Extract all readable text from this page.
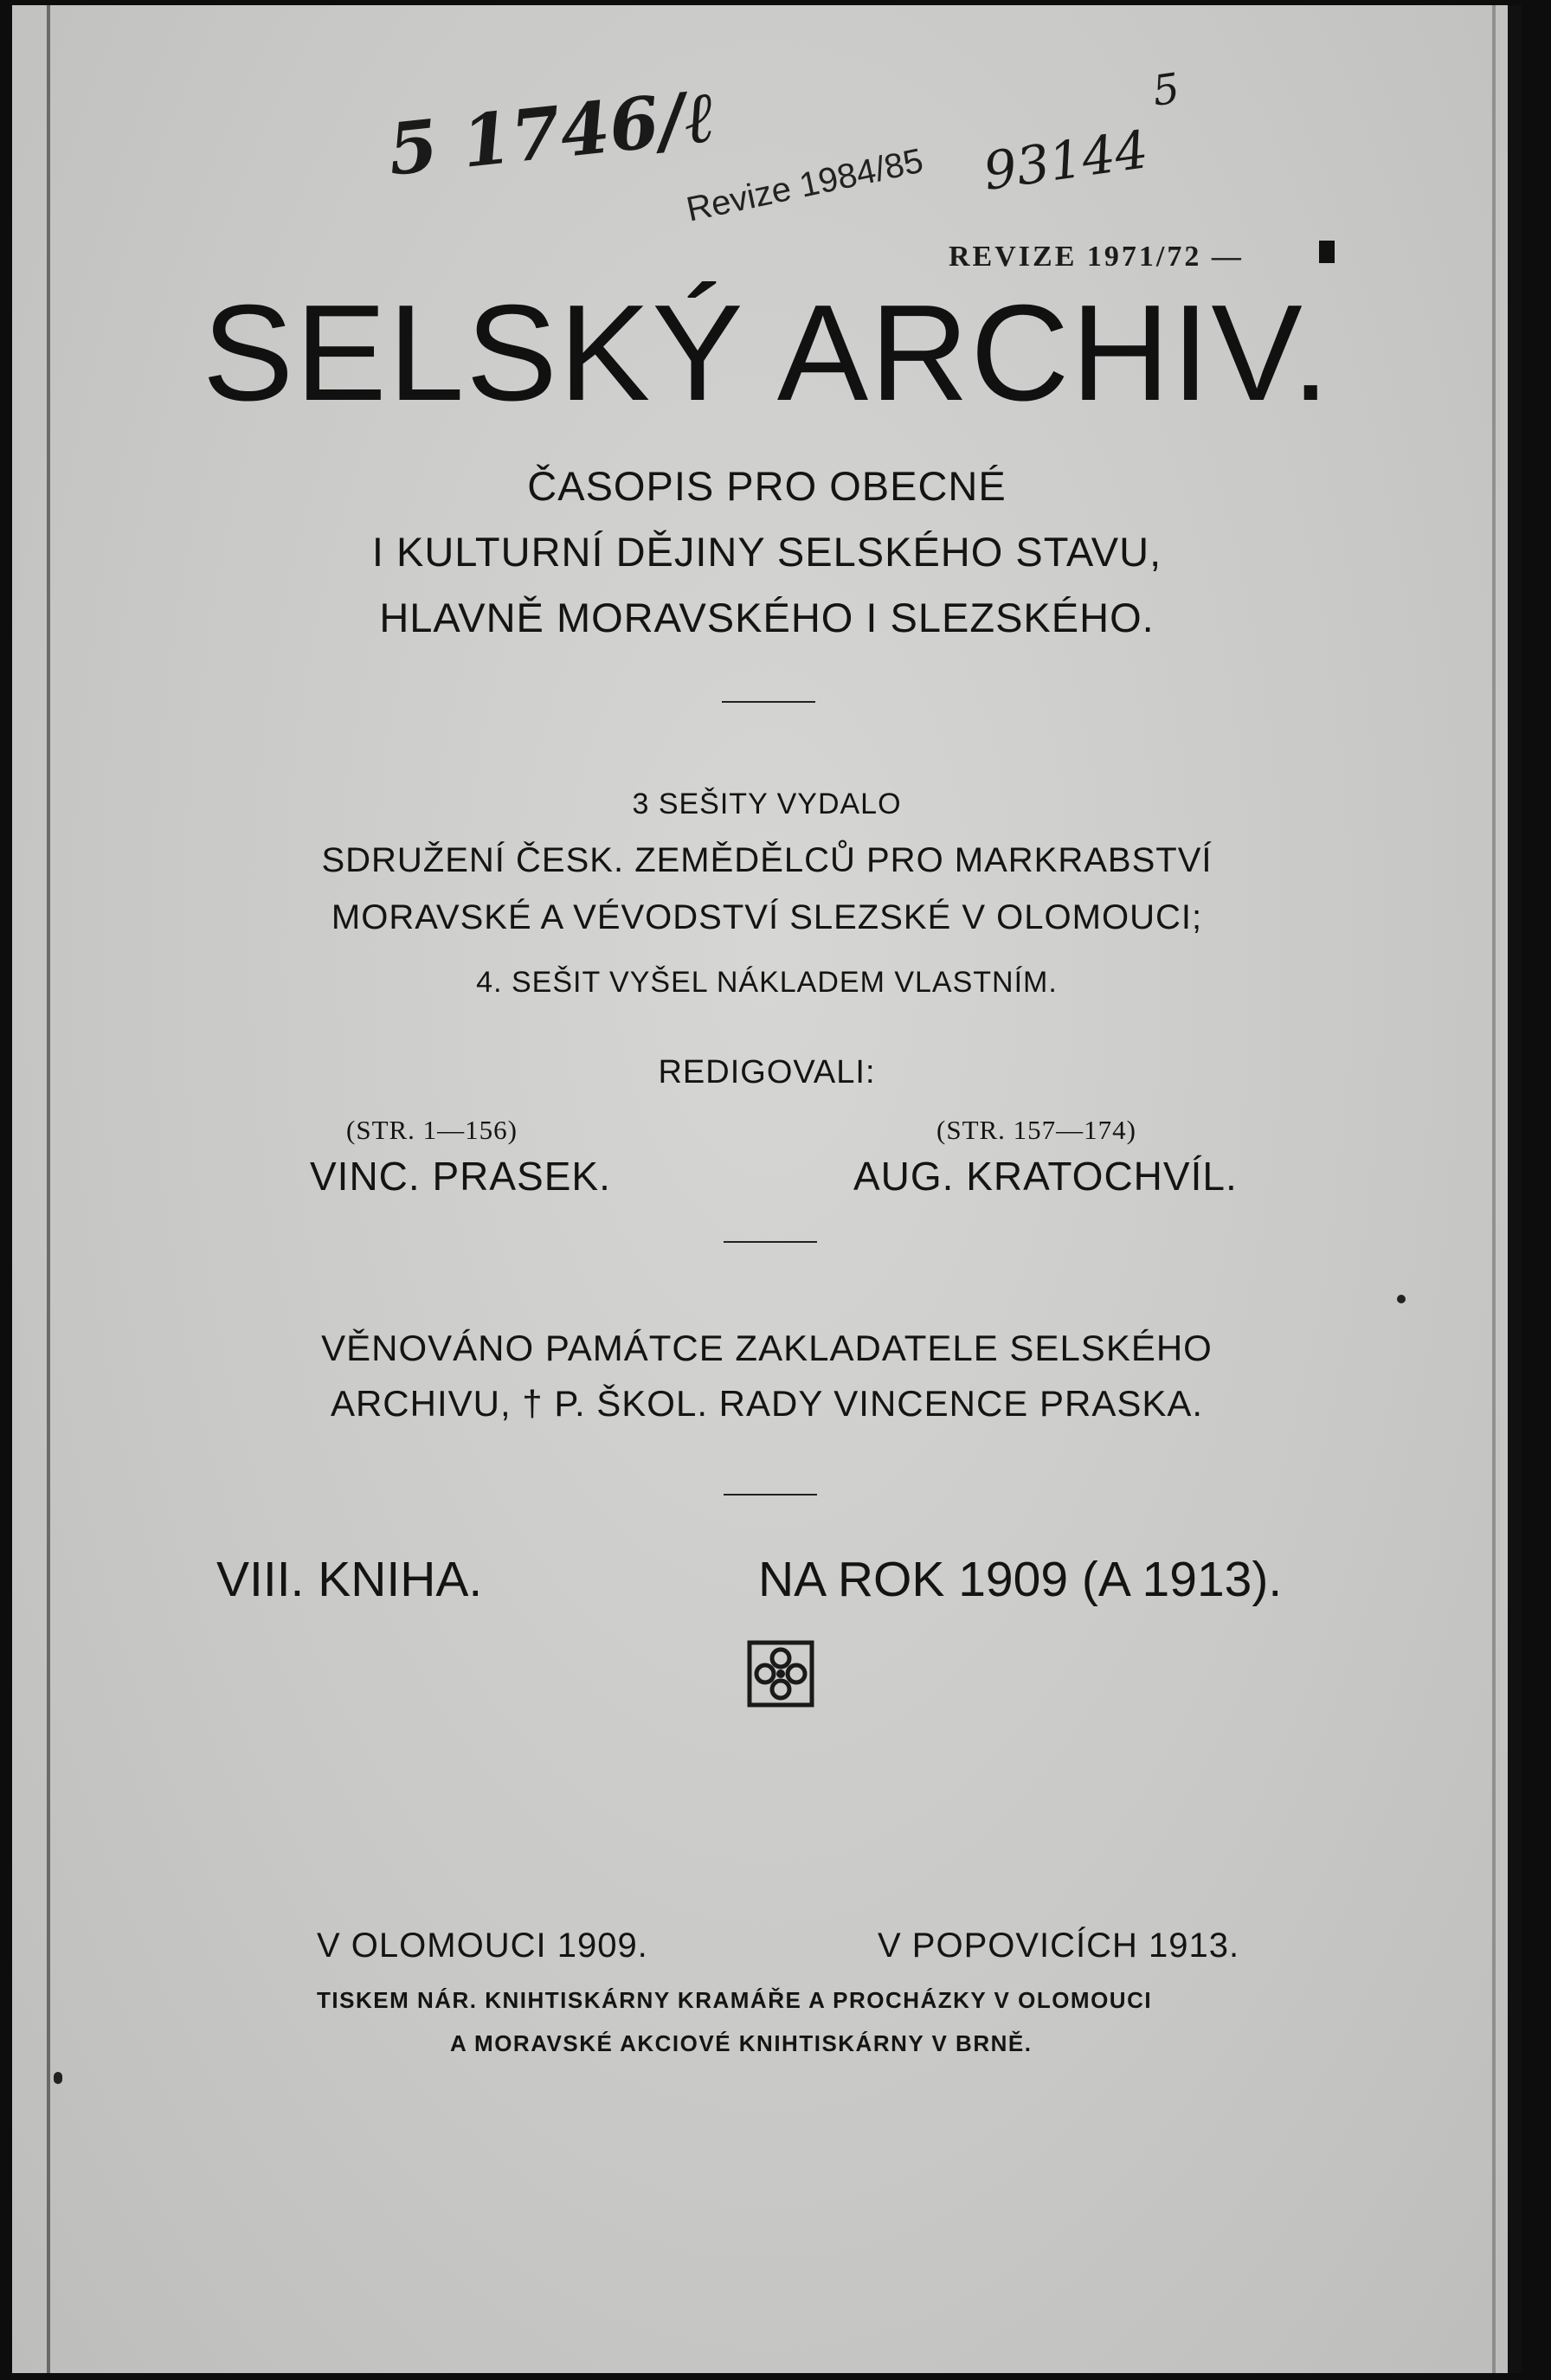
5 1746/ℓ
Revize 1984/85 93144
5
REVIZE 1971/72 —
SELSKÝ ARCHIV.
ČASOPIS PRO OBECNÉ
I KULTURNÍ DĚJINY SELSKÉHO STAVU,
HLAVNĚ MORAVSKÉHO I SLEZSKÉHO.
3 SEŠITY VYDALO
SDRUŽENÍ ČESK. ZEMĚDĚLCŮ PRO MARKRABSTVÍ
MORAVSKÉ A VÉVODSTVÍ SLEZSKÉ V OLOMOUCI;
4. SEŠIT VYŠEL NÁKLADEM VLASTNÍM.
REDIGOVALI:
(STR. 1—156)
VINC. PRASEK.
(STR. 157—174)
AUG. KRATOCHVÍL.
VĚNOVÁNO PAMÁTCE ZAKLADATELE SELSKÉHO
ARCHIVU, † P. ŠKOL. RADY VINCENCE PRASKA.
VIII. KNIHA.	NA ROK 1909 (A 1913).
V OLOMOUCI 1909.	V POPOVICÍCH 1913.
TISKEM NÁR. KNIHTISKÁRNY KRAMÁŘE A PROCHÁZKY V OLOMOUCI
A MORAVSKÉ AKCIOVÉ KNIHTISKÁRNY V BRNĚ.
